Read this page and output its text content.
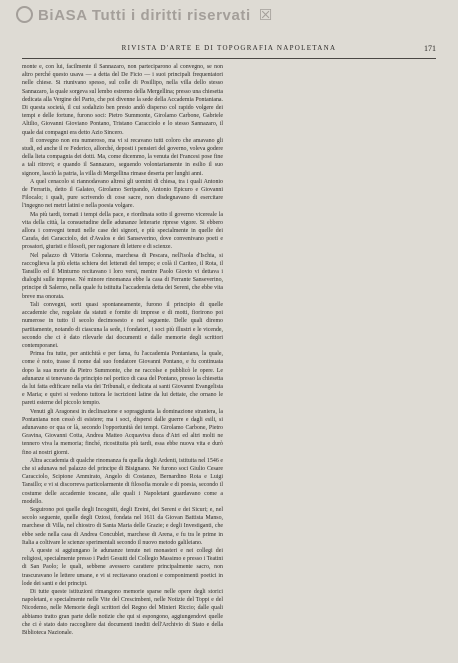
BiASA Tutti i diritti riservati ☒
RIVISTA D'ARTE E DI TOPOGRAFIA NAPOLETANA	171

monte e, con lui, facilmente il Sannazaro, non parteciparono al convegno, se non altro perché questo usava — a detta del De Ficio — i suoi principali frequentatori nelle chiese. Si riunivano spesso, sul colle di Posillipo, nella villa dello stesso Sannazaro, la quale sorgeva sul lembo estremo della Mergellina; presso una chiesetta dedicata alla Vergine del Parto, che poi divenne la sede della Accademia Pontaniana. Di questa società, il cui sodalizio ben presto andò disperso col rapido volgere dei tempi e delle fortune, furono soci: Pietro Summonte, Girolamo Carbone, Gabriele Altilio, Giovanni Gioviano Pontano, Tristano Caracciolo e lo stesso Sannazaro, il quale dai compagni era detto Azio Sincero.

Il convegno non era numeroso, ma vi si recavano tutti coloro che amavano gli studi, ed anche il re Federico, allorché, deposti i pensieri del governo, voleva godere della lieta compagnia dei dotti. Ma, come dicemmo, la venuta dei Francesi pose fine a tali ritrovi; e quando il Sannazaro, seguendo volontariamente in esilio il suo signore, lasciò la patria, la villa di Mergellina rimase deserta per lunghi anni.

A quel cenacolo si riannodavano altresì gli uomini di chiesa, tra i quali Antonio de Ferrariis, detto il Galateo, Girolamo Seripando, Antonio Epicuro e Giovanni Filocalo; i quali, pure scrivendo di cose sacre, non disdegnavano di esercitare l'ingegno nei metri latini e nella poesia volgare.

Ma più tardi, tornati i tempi della pace, e riordinata sotto il governo vicereale la vita della città, la consuetudine delle adunanze letterarie riprese vigore. Si ebbero allora i convegni tenuti nelle case dei signori, e più specialmente in quelle dei Carafa, dei Caracciolo, dei d'Avalos e dei Sanseverino, dove convenivano poeti e prosatori, giuristi e filosofi, per ragionare di lettere e di scienze.

Nel palazzo di Vittoria Colonna, marchesa di Pescara, nell'isola d'Ischia, si raccoglieva la più eletta schiera dei letterati del tempo; e colà il Cariteo, il Rota, il Tansillo ed il Minturno recitavano i loro versi, mentre Paolo Giovio vi dettava i dialoghi sulle imprese. Né minore rinomanza ebbe la casa di Ferrante Sanseverino, principe di Salerno, nella quale fu istituita l'accademia detta dei Sereni, che ebbe vita breve ma onorata.

Tali convegni, sorti quasi spontaneamente, furono il principio di quelle accademie che, regolate da statuti e fornite di imprese e di motti, fiorirono poi numerose in tutto il secolo decimosesto e nel seguente. Delle quali diremo partitamente, notando di ciascuna la sede, i fondatori, i soci più illustri e le vicende, secondo che ci è dato rilevarle dai documenti e dalle memorie degli scrittori contemporanei.

Prima fra tutte, per antichità e per fama, fu l'accademia Pontaniana, la quale, come è noto, trasse il nome dal suo fondatore Giovanni Pontano, e fu continuata dopo la sua morte da Pietro Summonte, che ne raccolse e pubblicò le opere. Le adunanze si tenevano da principio nel portico di casa del Pontano, presso la chiesetta da lui fatta edificare nella via dei Tribunali, e dedicata ai santi Giovanni Evangelista e Maria; e quivi si vedono tuttora le iscrizioni latine da lui dettate, che ornano le pareti esterne del piccolo tempio.

Venuti gli Aragonesi in declinazione e sopraggiunta la dominazione straniera, la Pontaniana non cessò di esistere; ma i soci, dispersi dalle guerre e dagli esili, si adunavano or qua or là, secondo l'opportunità dei tempi. Girolamo Carbone, Pietro Gravina, Giovanni Cotta, Andrea Matteo Acquaviva duca d'Atri ed altri molti ne tennero viva la memoria; finché, ricostituita più tardi, essa ebbe nuova vita e durò fino ai nostri giorni.

Altra accademia di qualche rinomanza fu quella degli Ardenti, istituita nel 1546 e che si adunava nel palazzo del principe di Bisignano. Ne furono soci Giulio Cesare Caracciolo, Scipione Ammirato, Angelo di Costanzo, Bernardino Rota e Luigi Tansillo; e vi si discorreva particolarmente di filosofia morale e di poesia, secondo il costume delle accademie toscane, alle quali i Napoletani guardavano come a modello.

Seguirono poi quelle degli Incogniti, degli Ereini, dei Sereni e dei Sicuri; e, nel secolo seguente, quelle degli Oziosi, fondata nel 1611 da Giovan Battista Manso, marchese di Villa, nel chiostro di Santa Maria delle Grazie; e degli Investiganti, che ebbe sede nella casa di Andrea Concublet, marchese di Arena, e fu tra le prime in Italia a coltivare le scienze sperimentali secondo il nuovo metodo galileiano.

A queste si aggiungano le adunanze tenute nei monasteri e nei collegi dei religiosi, specialmente presso i Padri Gesuiti del Collegio Massimo e presso i Teatini di San Paolo; le quali, sebbene avessero carattere principalmente sacro, non trascuravano le lettere umane, e vi si recitavano orazioni e componimenti poetici in lode dei santi e dei principi.

Di tutte queste istituzioni rimangono memorie sparse nelle opere degli storici napoletani, e specialmente nelle Vite del Crescimbeni, nelle Notizie del Toppi e del Nicodemo, nelle Memorie degli scrittori del Regno del Minieri Riccio; dalle quali abbiamo tratto gran parte delle notizie che qui si espongono, aggiungendovi quelle che ci è stato dato raccogliere dai documenti inediti dell'Archivio di Stato e della Biblioteca Nazionale.
